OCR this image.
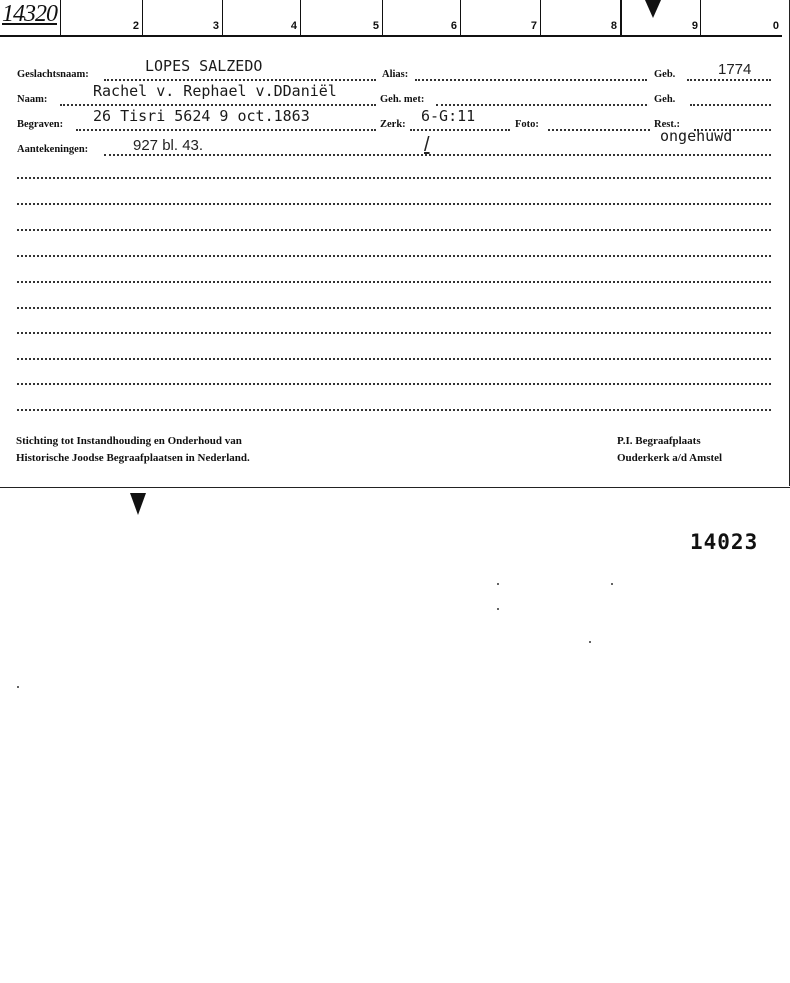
14320	2	3	4	5	6	7	8	9	0
Geslachtsnaam:	LOPES SALZEDO	Alias:	Geb.	1774
Naam:	Rachel v. Rephael v.DDaniël	Geh. met:	Geh.
Begraven: 26 Tisri 5624 9 oct.1863	Zerk: 6-G:11	Foto:	Rest.:
ongehuwd
Aantekeningen:	927 bl. 43.	/
Stichting tot Instandhouding en Onderhoud van
Historische Joodse Begraafplaatsen in Nederland.
P.I. Begraafplaats
Ouderkerk a/d Amstel
14023
